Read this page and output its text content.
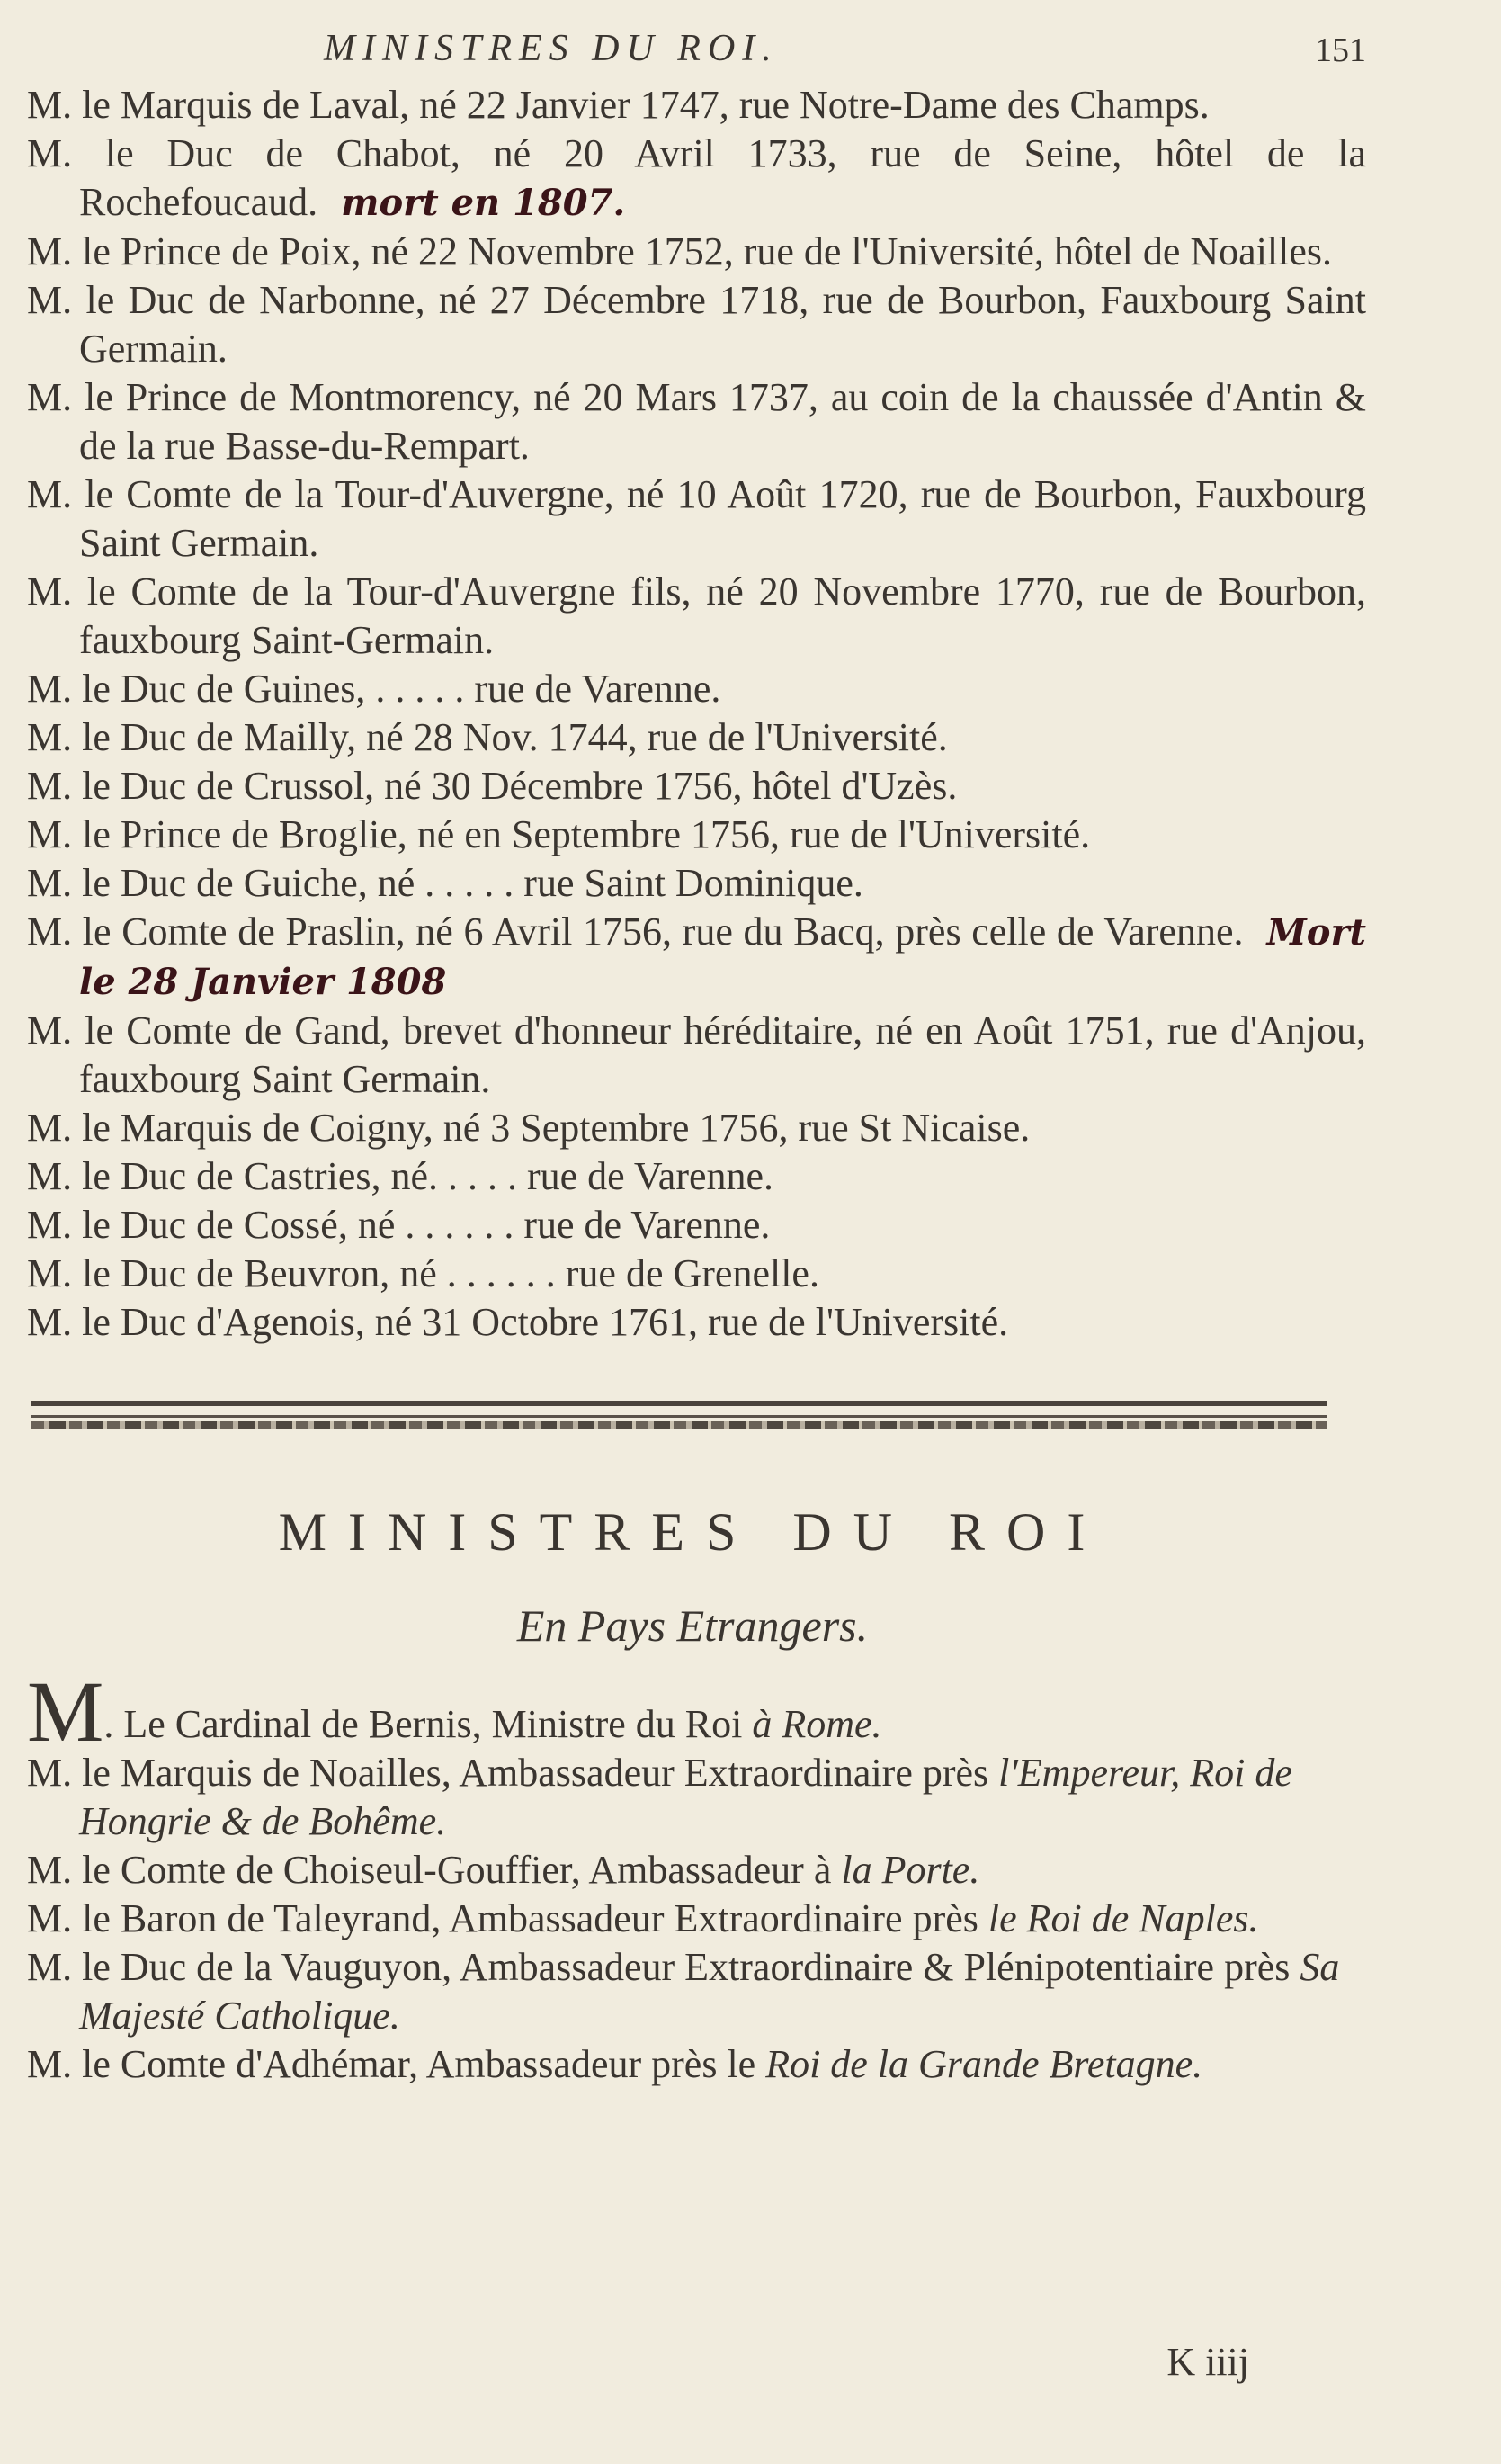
MINISTRES DU ROI.	151
M. le Marquis de Laval, né 22 Janvier 1747, rue Notre-Dame des Champs.
M. le Duc de Chabot, né 20 Avril 1733, rue de Seine, hôtel de la Rochefoucaud. mort en 1807.
M. le Prince de Poix, né 22 Novembre 1752, rue de l'Université, hôtel de Noailles.
M. le Duc de Narbonne, né 27 Décembre 1718, rue de Bourbon, Fauxbourg Saint Germain.
M. le Prince de Montmorency, né 20 Mars 1737, au coin de la chaussée d'Antin & de la rue Basse-du-Rempart.
M. le Comte de la Tour-d'Auvergne, né 10 Août 1720, rue de Bourbon, Fauxbourg Saint Germain.
M. le Comte de la Tour-d'Auvergne fils, né 20 Novembre 1770, rue de Bourbon, fauxbourg Saint-Germain.
M. le Duc de Guines, . . . . . rue de Varenne.
M. le Duc de Mailly, né 28 Nov. 1744, rue de l'Université.
M. le Duc de Crussol, né 30 Décembre 1756, hôtel d'Uzès.
M. le Prince de Broglie, né en Septembre 1756, rue de l'Université.
M. le Duc de Guiche, né . . . . . rue Saint Dominique.
M. le Comte de Praslin, né 6 Avril 1756, rue du Bacq, près celle de Varenne. Mort le 28 Janvier 1808
M. le Comte de Gand, brevet d'honneur héréditaire, né en Août 1751, rue d'Anjou, fauxbourg Saint Germain.
M. le Marquis de Coigny, né 3 Septembre 1756, rue St Nicaise.
M. le Duc de Castries, né. . . . . rue de Varenne.
M. le Duc de Cossé, né . . . . . . rue de Varenne.
M. le Duc de Beuvron, né . . . . . . rue de Grenelle.
M. le Duc d'Agenois, né 31 Octobre 1761, rue de l'Université.
MINISTRES DU ROI
En Pays Etrangers.
M. Le Cardinal de Bernis, Ministre du Roi à Rome.
M. le Marquis de Noailles, Ambassadeur Extraordinaire près l'Empereur, Roi de Hongrie & de Bohême.
M. le Comte de Choiseul-Gouffier, Ambassadeur à la Porte.
M. le Baron de Taleyrand, Ambassadeur Extraordinaire près le Roi de Naples.
M. le Duc de la Vauguyon, Ambassadeur Extraordinaire & Plénipotentiaire près Sa Majesté Catholique.
M. le Comte d'Adhémar, Ambassadeur près le Roi de la Grande Bretagne.
K iiij
